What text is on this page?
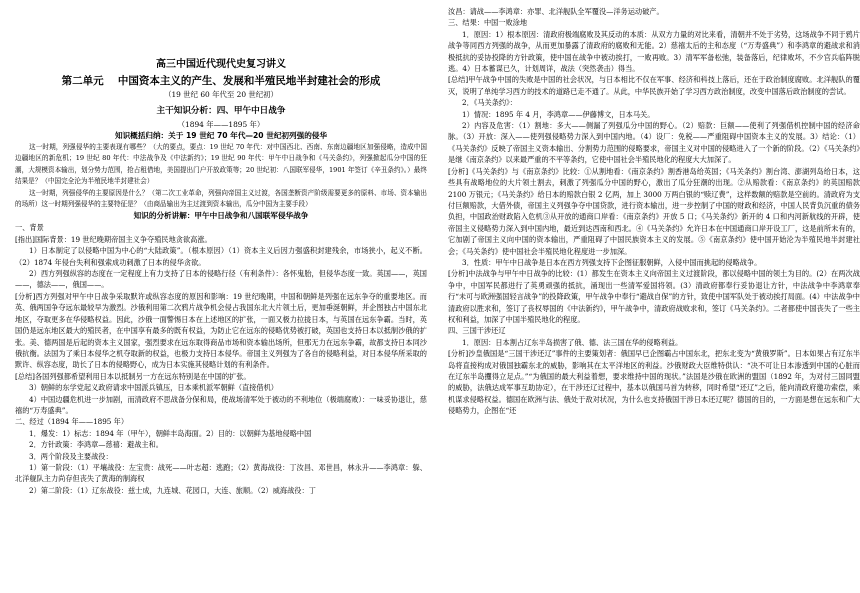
高三中国近代现代史复习讲义
第二单元　 中国资本主义的产生、发展和半殖民地半封建社会的形成
（19 世纪 60 年代至 20 世纪初）
主干知识分析：四、甲午中日战争
（1894 年——1895 年）
知识概括归纳：关于 19 世纪 70 年代—20 世纪初列强的侵华

这一时期，列强侵华的主要表现有哪些？（大的要点，要点：19 世纪 70 年代：对中国西北、西南、东南边疆地区加强侵略，造成中国边疆地区的新危机；19 世纪 80 年代：中法战争及《中法新约》；19 世纪 90 年代：甲午中日战争和《马关条约》，列强掀起瓜分中国的狂潮，大规模资本输出，划分势力范围，抢占租借地，美国提出门户开放政策等；20 世纪初：八国联军侵华，1901 年签订《辛丑条约》。）最终结果是？（中国完全沦为半殖民地半封建社会）

这一时期，列强侵华的主要原因是什么？（第二次工业革命，列强向帝国主义过渡，各国垄断资产阶级需要更多的原料、市场、资本输出的场所）这一时期列强侵华的主要特征是？（由商品输出为主过渡到资本输出，瓜分中国为主要手段）

知识的分析讲解：甲午中日战争和八国联军侵华战争

一、背景

[指出]国际背景：19 世纪晚期帝国主义争夺殖民地贪欲高涨。

1）日本制定了以侵略中国为中心的“大陆政策”。（根本原因）（1）资本主义后因力强盛积封建残余，市场狭小，起义不断。（2）1874 年侵台失利和强索成功刺激了日本的侵华贪欲。

2）西方列强纵容的态度在一定程度上有力支持了日本的侵略行径（有利条件）：各怀鬼胎，但侵华态度一致。英国——，英国——，德法——，俄国——。

[分析]西方列强对甲午中日战争采取默许或纵容态度的原因和影响：19 世纪晚期，中国和朝鲜是列强在远东争夺的重要地区。而英、俄两国争夺远东最较早为激烈。沙俄利用第二次鸦片战争机会侵占我国东北大片领土后，更加垂涎朝鲜，并企图独占中国东北地区，夺取更多在华侵略权益。因此，沙俄一面警惕日本在上述地区的扩张，一面又极力拉拢日本，与英国在远东争霸。当时，英国仍是远东地区最大的殖民者，在中国享有最多的既有权益，为防止它在远东的侵略优势被打破，英国也支持日本以抵制沙俄的扩张。美、德两国是后起的资本主义国家，强烈要求在远东取得商品市场和资本输出场所，但那无力在远东争霸，故都支持日本同沙俄抗衡。法国为了乘日本侵华之机夺取新的权益，也极力支持日本侵华。帝国主义列强为了各自的侵略利益，对日本侵华所采取的默许、纵容态度，助长了日本的侵略野心，成为日本实施其侵略计划的有利条件。

[总结]各国列强都希望利用日本以抵制另一方在远东特别是在中国的扩张。

3）朝鲜的东学党起义政府请求中国派兵镇压，日本乘机派军朝鲜（直接借机）

4）中国边疆危机进一步加剧，而清政府不思战备分保和局，使战场清军处于被动的不利地位（极端腐败）：一味妥协退让，慈禧的“万寿盛典”。

二、经过（1894 年——1895 年）

1．爆发：1）标志：1894 年（甲午），朝鲜丰岛海面。2）目的：以朝鲜为基地侵略中国

2．方针政策：李鸿章—慈禧：避战主和。

3．两个阶段及主要战役：

1）第一阶段：（1）平壤战役：左宝贵：战死——叶志超：逃跑；（2）黄海战役：丁汝昌、邓世昌，林永升——李鸿章：躲、北洋舰队主力尚存但丧失了黄海的制海权

2）第二阶段：（1）辽东战役：兹士成，九连城、花园口，大连、旅顺。（2）威海战役：丁

汝昌：请战——李鸿章：亦罪、北洋舰队全军覆没—洋务运动破产。

三、结果：中国一败涂地

1．原因：1）根本原因：清政府极端腐败及其反动的本质：从双方力量的对比来看，清朝并不处于劣势，这场战争不同于鸦片战争等同西方列强的战争，从而更加暴露了清政府的腐败和无能。2）慈禧太后的主和态度（“万寿盛典”）和李鸿章的避战求和消极抵抗的妥协投降的方针政策，使中国在战争中被动挨打，一败再败。3）清军军备松弛，装备落后，纪律败坏，不少官兵临阵脱逃。4）日本蓄谋已久，计划周详，战法（突然袭击）得当。

[总结]甲午战争中国的失败是中国的社会状况，与日本相比不仅在军事、经济和科技上落后，还在于政治制度腐败。北洋舰队的覆灭，说明了单纯学习西方的技术的道路已走不通了。从此，中华民族开始了学习西方政治制度，改变中国落后政治制度的尝试。

2．《马关条约》：

1）情况：1895 年 4 月，李鸿章——伊藤博文，日本马关。

2）内容及危害：（1）割地：多大——侧漏了列强瓜分中国的野心。（2）赔款：巨额——使利了列强借机控制中国的经济命脉。（3）开放：深入——使列强侵略势力深入到中国内地。（4）设厂：免税——严重阻碍中国资本主义的发展。3）结论：（1）《马关条约》反映了帝国主义资本输出、分割势力范围的侵略要求，帝国主义对中国的侵略进入了一个新的阶段。（2）《马关条约》是继《南京条约》以来最严重的不平等条约，它使中国社会半殖民地化的程度大大加深了。

[分析]《马关条约》与《南京条约》比较：①从割地看：《南京条约》割香港岛给英国；《马关条约》割台湾、澎湖列岛给日本，这些具有战略地位的大片领土割去，刺激了列强瓜分中国的野心，激出了瓜分狂潮的出现。②从赔款看：《南京条约》的英国赔款 2100 万银元；《马关条约》给日本的赔款白银 2 亿两，加上 3000 万两白银的“赎辽费”，这样数额的赔款是空前的。清政府为支付巨额赔款，大借外债，帝国主义列强争夺中国贷款，进行资本输出，进一步控制了中国的财政和经济，中国人民背负沉重的债务负担，中国政治财政陷入危机③从开放的通商口岸看：《南京条约》开放 5 口；《马关条约》新开的 4 口和内河新航线的开辟，使帝国主义侵略势力深入到中国内地，最近到达西南和西北。④《马关条约》允许日本在中国通商口岸开设工厂，这是前所未有的，它加剧了帝国主义向中国的资本输出，严重阻碍了中国民族资本主义的发展。⑤《南京条约》使中国开始沦为半殖民地半封建社会；《马关条约》使中国社会半殖民地化程度进一步加深。

3．性质：甲午中日战争是日本在西方列强支持下企图征服朝鲜，入侵中国而挑起的侵略战争。

[分析]中法战争与甲午中日战争的比较：(1）都发生在资本主义向帝国主义过渡阶段，都以侵略中国的领土为目的。(2）在两次战争中，中国军民都进行了英勇顽强的抵抗，涌现出一些清军爱国将领。(3）清政府都奉行妥协退让方针，中法战争中李鸿章奉行“未可与欧洲强国轻言战争”的投降政策，甲午战争中奉行“避战自保”的方针，致使中国军队处于被动挨打局面。(4）中法战争中清政府以胜求和，签订了丧权辱国的《中法新约》，甲午战争中，清政府战败求和，签订《马关条约》。二者都使中国丧失了一些主权和利益，加深了中国半殖民地化的程度。

四、三国干涉还辽

1．原因：日本割占辽东半岛损害了俄、德、法三国在华的侵略利益。

[分析]沙皇俄国是“三国干涉还辽”事件的主要策划者：俄国早已企图霸占中国东北，把东北变为“黄俄罗斯”。日本如果占有辽东半岛将直接构成对俄国独霸东北的威胁，影响其在太平洋地区的利益。沙俄财政大臣维特供认：“决不可让日本渗透到中国的心脏而在辽东半岛攫得立足点。”“为俄国的最大利益着想，要求维持中国的现状。”法国是沙俄在欧洲的盟国（1892 年，为对付三国同盟的威胁，法俄达成军事互助协定），在干涉还辽过程中，基本以俄国马首为转移，同时希望“还辽”之后，能向清政府邀功索偿，乘机谋求侵略权益。德国在欧洲与法、俄处于敌对状况，为什么也支持俄国干涉日本还辽呢？德国的目的，一方面是想在远东和广大侵略势力，企图在“还
